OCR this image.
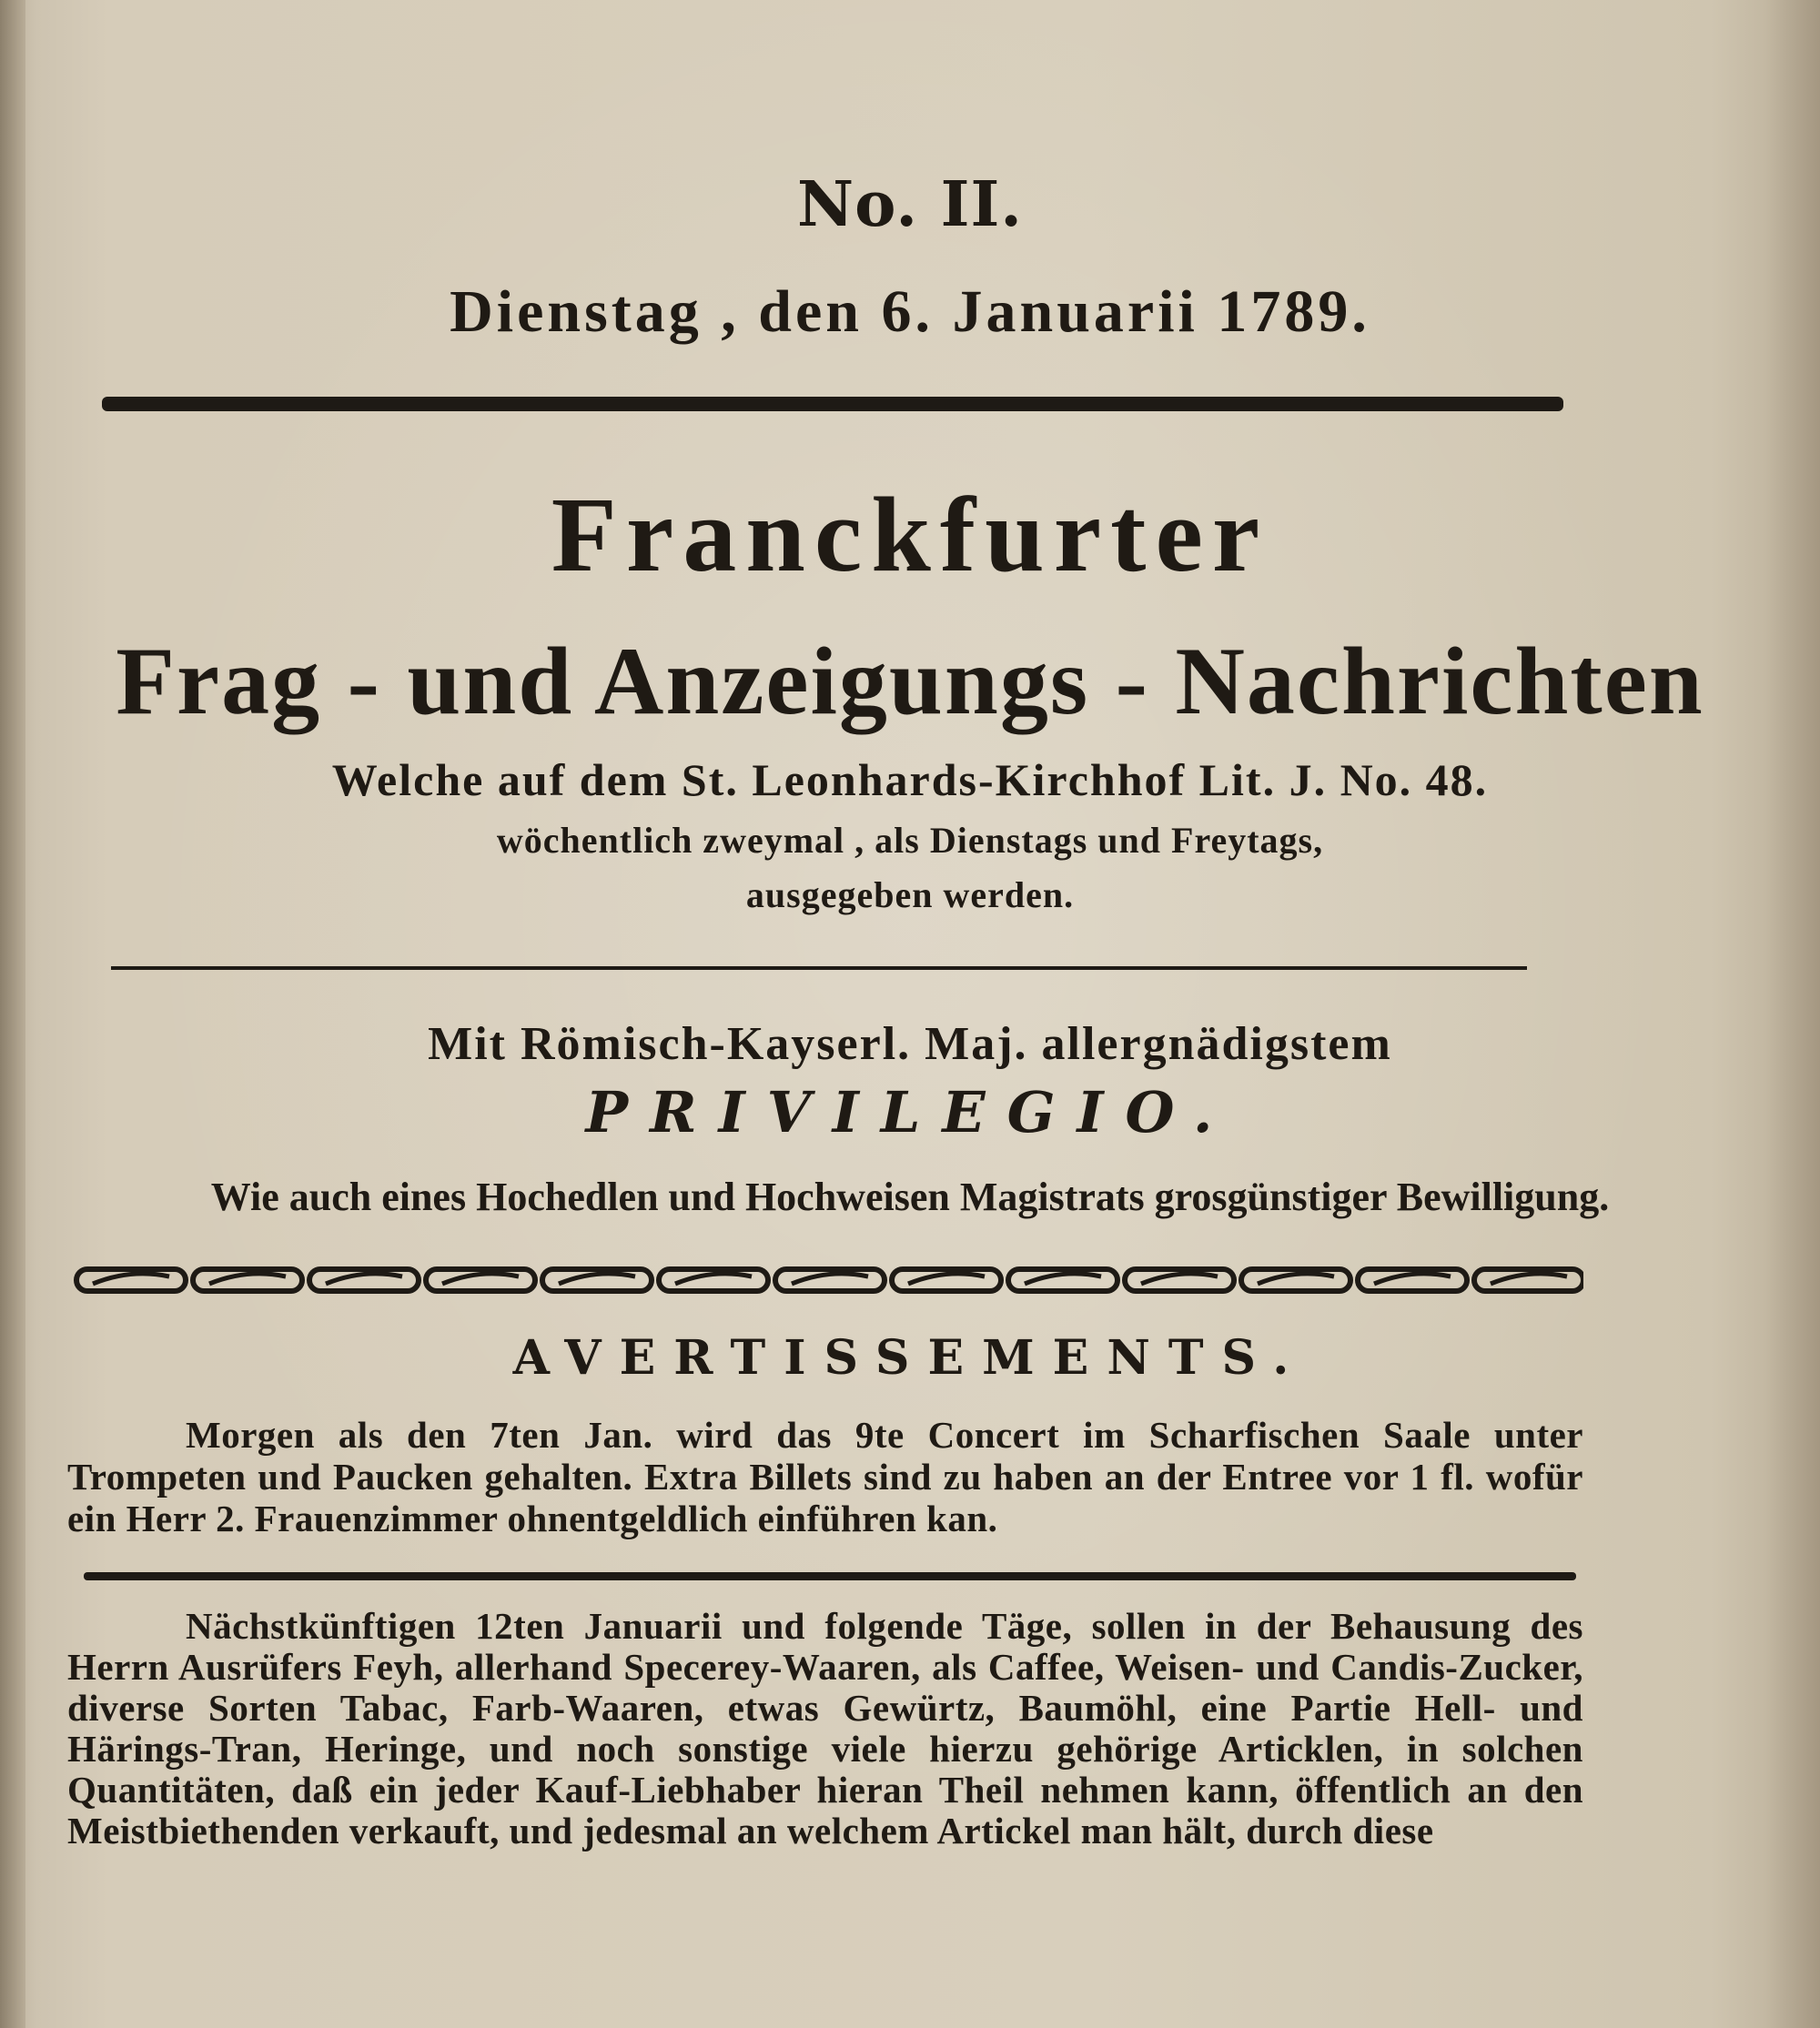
No. II.
Dienstag , den 6. Januarii 1789.
Franckfurter
Frag - und Anzeigungs - Nachrichten
Welche auf dem St. Leonhards-Kirchhof Lit. J. No. 48.
wöchentlich zweymal , als Dienstags und Freytags,
ausgegeben werden.
Mit Römisch-Kayserl. Maj. allergnädigstem
PRIVILEGIO.
Wie auch eines Hochedlen und Hochweisen Magistrats grosgünstiger Bewilligung.
AVERTISSEMENTS.
Morgen als den 7ten Jan. wird das 9te Concert im Scharfischen Saale unter Trompeten und Paucken gehalten. Extra Billets sind zu haben an der Entree vor 1 fl. wofür ein Herr 2. Frauenzimmer ohnentgeldlich einführen kan.
Nächstkünftigen 12ten Januarii und folgende Täge, sollen in der Behausung des Herrn Ausrüfers Feyh, allerhand Specerey-Waaren, als Caffee, Weisen- und Candis-Zucker, diverse Sorten Tabac, Farb-Waaren, etwas Gewürtz, Baumöhl, eine Partie Hell- und Härings-Tran, Heringe, und noch sonstige viele hierzu gehörige Articklen, in solchen Quantitäten, daß ein jeder Kauf-Liebhaber hieran Theil nehmen kann, öffentlich an den Meistbiethenden verkauft, und jedesmal an welchem Artickel man hält, durch diese
